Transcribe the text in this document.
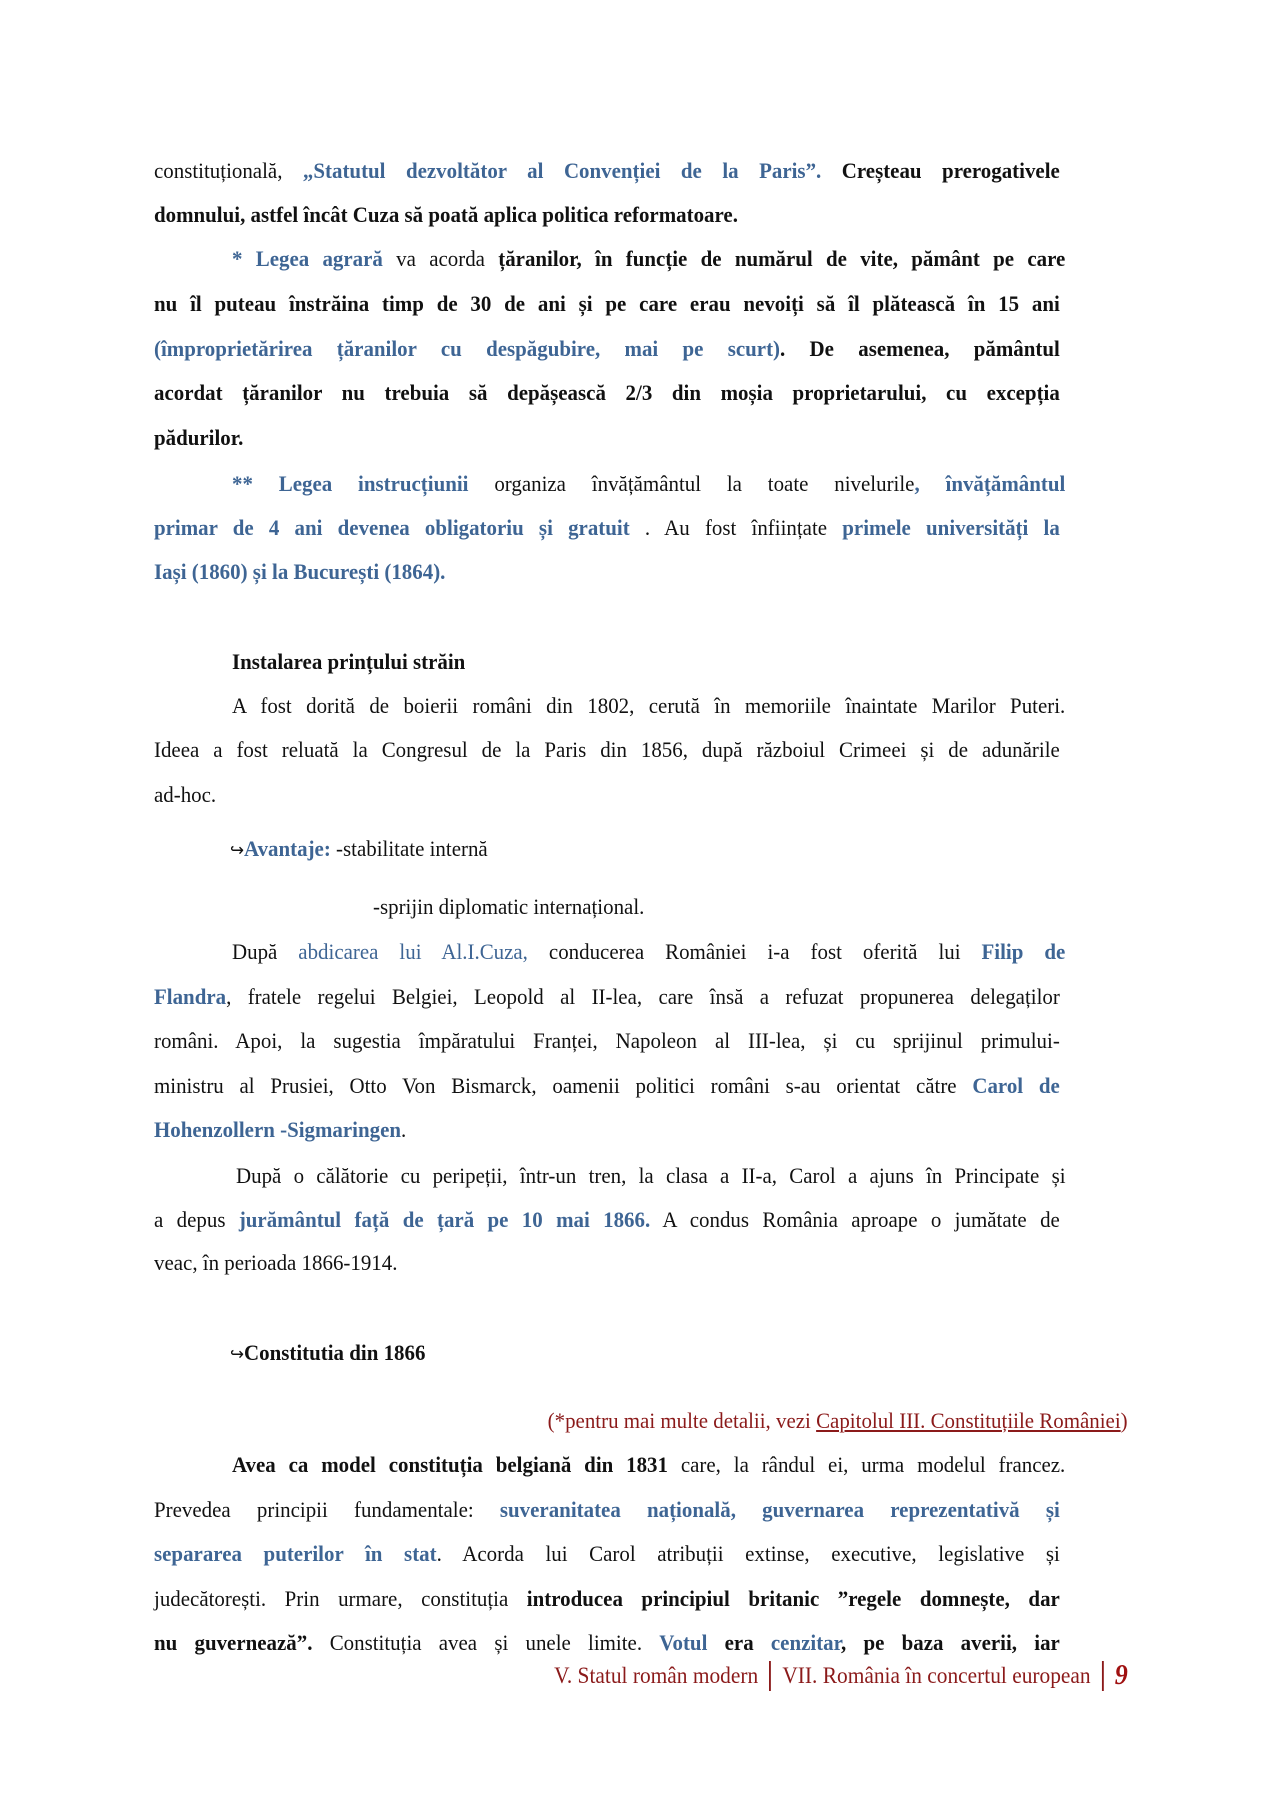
constituțională, „Statutul dezvoltător al Convenției de la Paris”. Creșteau prerogativele
domnului, astfel încât Cuza să poată aplica politica reformatoare.
* Legea agrară va acorda țăranilor, în funcție de numărul de vite, pământ pe care
nu îl puteau înstrăina timp de 30 de ani și pe care erau nevoiți să îl plătească în 15 ani
(împroprietărirea țăranilor cu despăgubire, mai pe scurt). De asemenea, pământul
acordat țăranilor nu trebuia să depășească 2/3 din moșia proprietarului, cu excepția
pădurilor.
** Legea instrucțiunii organiza învățământul la toate nivelurile, învățământul
primar de 4 ani devenea obligatoriu și gratuit . Au fost înființate primele universități la
Iași (1860) și la București (1864).
Instalarea prințului străin
A fost dorită de boierii români din 1802, cerută în memoriile înaintate Marilor Puteri.
Ideea a fost reluată la Congresul de la Paris din 1856, după războiul Crimeei și de adunările
ad-hoc.
↪Avantaje: -stabilitate internă
-sprijin diplomatic internațional.
După abdicarea lui Al.I.Cuza, conducerea României i-a fost oferită lui Filip de
Flandra, fratele regelui Belgiei, Leopold al II-lea, care însă a refuzat propunerea delegaților
români. Apoi, la sugestia împăratului Franței, Napoleon al III-lea, și cu sprijinul primului-
ministru al Prusiei, Otto Von Bismarck, oamenii politici români s-au orientat către Carol de
Hohenzollern -Sigmaringen.
După o călătorie cu peripeții, într-un tren, la clasa a II-a, Carol a ajuns în Principate și
a depus jurământul față de țară pe 10 mai 1866. A condus România aproape o jumătate de
veac, în perioada 1866-1914.
↪Constitutia din 1866
(*pentru mai multe detalii, vezi Capitolul III. Constituțiile României)
Avea ca model constituția belgiană din 1831 care, la rândul ei, urma modelul francez.
Prevedea principii fundamentale: suveranitatea națională, guvernarea reprezentativă și
separarea puterilor în stat. Acorda lui Carol atribuții extinse, executive, legislative și
judecătorești. Prin urmare, constituția introducea principiul britanic ”regele domnește, dar
nu guvernează”. Constituția avea și unele limite. Votul era cenzitar, pe baza averii, iar
V. Statul român modern VII. România în concertul european 9
